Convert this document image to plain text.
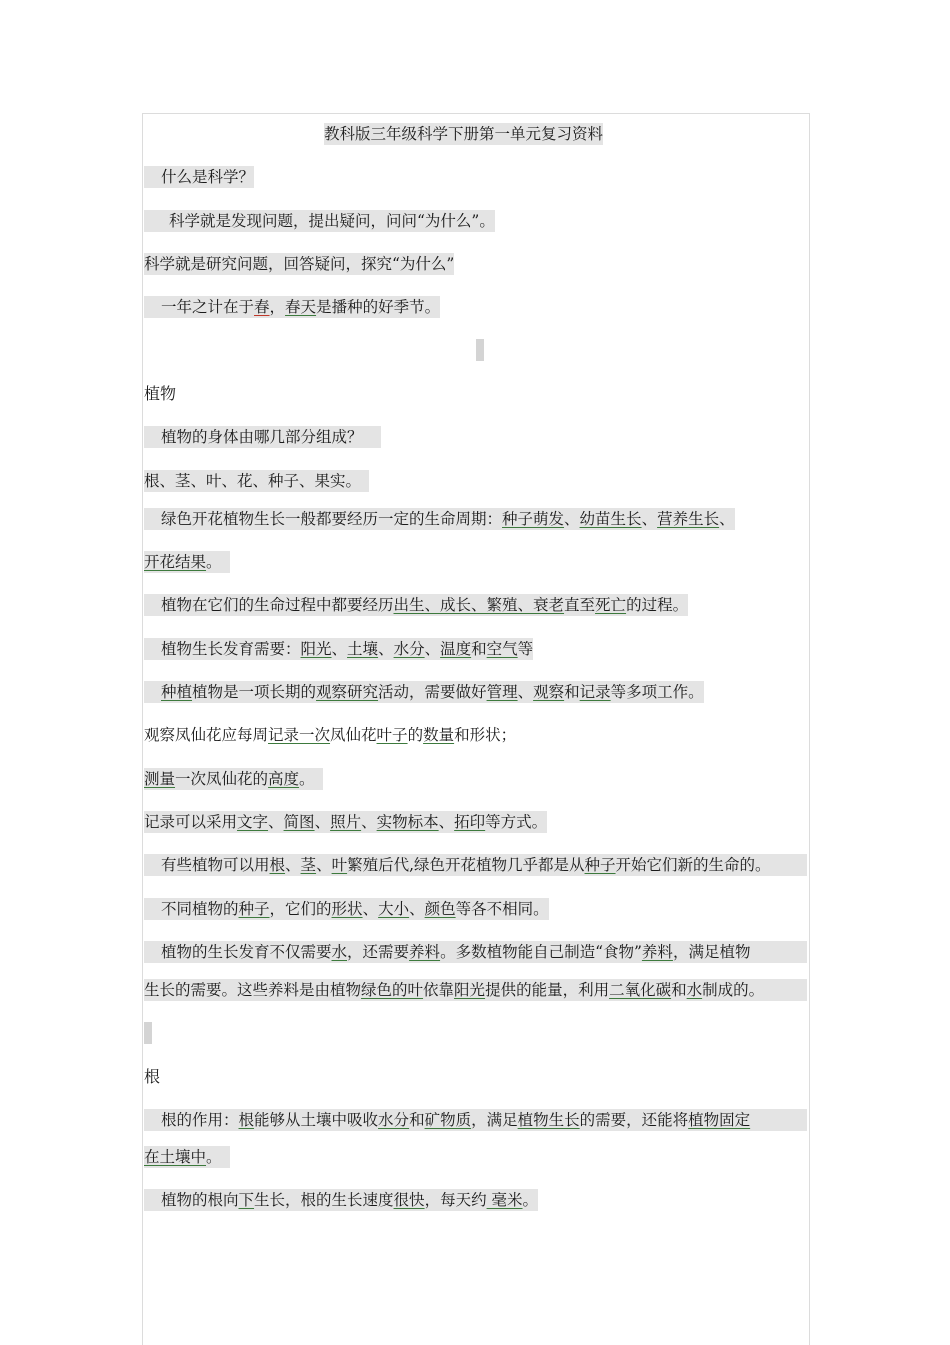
教科版三年级科学下册第一单元复习资料
什么是科学？
科学就是发现问题，提出疑问，问问“为什么”。
科学就是研究问题，回答疑问，探究“为什么”
一年之计在于春，春天是播种的好季节。
植物
植物的身体由哪几部分组成？
根、茎、叶、花、种子、果实。
绿色开花植物生长一般都要经历一定的生命周期：种子萌发、幼苗生长、营养生长、
开花结果。
植物在它们的生命过程中都要经历出生、成长、繁殖、衰老直至死亡的过程。
植物生长发育需要：阳光、土壤、水分、温度和空气等
种植植物是一项长期的观察研究活动，需要做好管理、观察和记录等多项工作。
观察凤仙花应每周记录一次凤仙花叶子的数量和形状；
测量一次凤仙花的高度。
记录可以采用文字、简图、照片、实物标本、拓印等方式。
有些植物可以用根、茎、叶繁殖后代,绿色开花植物几乎都是从种子开始它们新的生命的。
不同植物的种子，它们的形状、大小、颜色等各不相同。
植物的生长发育不仅需要水，还需要养料。多数植物能自己制造“食物”养料，满足植物
生长的需要。这些养料是由植物绿色的叶依靠阳光提供的能量，利用二氧化碳和水制成的。
根
根的作用：根能够从土壤中吸收水分和矿物质，满足植物生长的需要，还能将植物固定
在土壤中。
植物的根向下生长，根的生长速度很快，每天约 毫米。
